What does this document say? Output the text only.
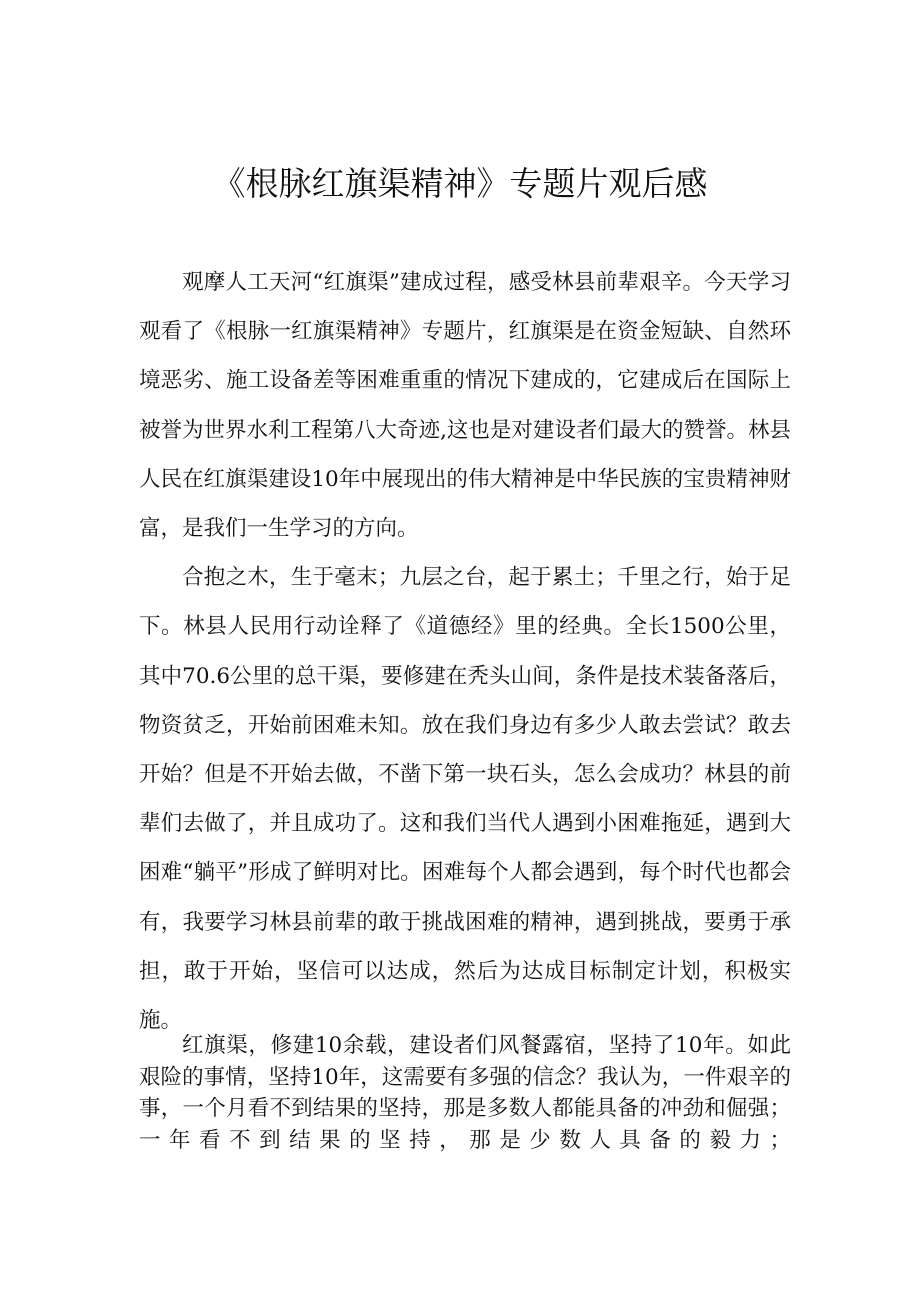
《根脉红旗渠精神》专题片观后感

观摩人工天河“红旗渠”建成过程，感受林县前辈艰辛。今天学习观看了《根脉一红旗渠精神》专题片，红旗渠是在资金短缺、自然环境恶劣、施工设备差等困难重重的情况下建成的，它建成后在国际上被誉为世界水利工程第八大奇迹,这也是对建设者们最大的赞誉。林县人民在红旗渠建设10年中展现出的伟大精神是中华民族的宝贵精神财富，是我们一生学习的方向。

合抱之木，生于毫末；九层之台，起于累土；千里之行，始于足下。林县人民用行动诠释了《道德经》里的经典。全长1500公里，其中70.6公里的总干渠，要修建在秃头山间，条件是技术装备落后，物资贫乏，开始前困难未知。放在我们身边有多少人敢去尝试？敢去开始？但是不开始去做，不凿下第一块石头，怎么会成功？林县的前辈们去做了，并且成功了。这和我们当代人遇到小困难拖延，遇到大困难“躺平”形成了鲜明对比。困难每个人都会遇到，每个时代也都会有，我要学习林县前辈的敢于挑战困难的精神，遇到挑战，要勇于承担，敢于开始，坚信可以达成，然后为达成目标制定计划，积极实施。

红旗渠，修建10余载，建设者们风餐露宿，坚持了10年。如此艰险的事情，坚持10年，这需要有多强的信念？我认为，一件艰辛的事，一个月看不到结果的坚持，那是多数人都能具备的冲劲和倔强；一年看不到结果的坚持，那是少数人具备的毅力；
